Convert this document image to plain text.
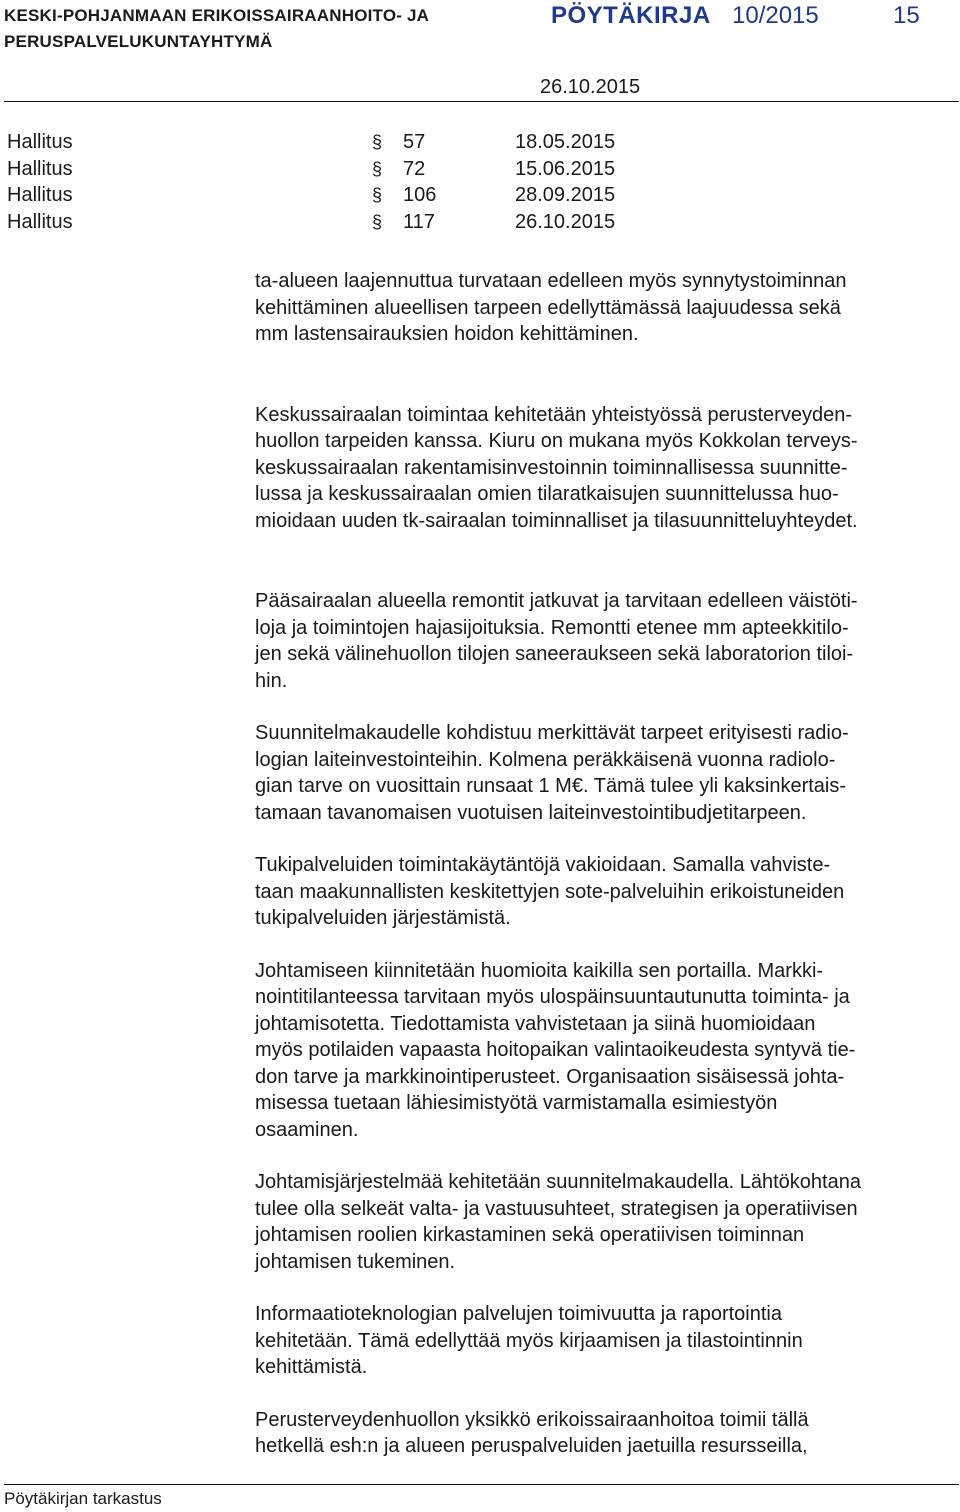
KESKI-POHJANMAAN ERIKOISSAIRAANHOITO- JA
PERUSPALVELUKUNTAYHTYMÄ
PÖYTÄKIRJA 10/2015	15
26.10.2015
Hallitus	§ 57	18.05.2015
Hallitus	§ 72	15.06.2015
Hallitus	§ 106	28.09.2015
Hallitus	§ 117	26.10.2015
ta-alueen laajennuttua turvataan edelleen myös synnytystoiminnan
kehittäminen alueellisen tarpeen edellyttämässä laajuudessa sekä
mm lastensairauksien hoidon kehittäminen.
Keskussairaalan toimintaa kehitetään yhteistyössä perusterveyden-
huollon tarpeiden kanssa. Kiuru on mukana myös Kokkolan terveys-
keskussairaalan rakentamisinvestoinnin toiminnallisessa suunnitte-
lussa ja keskussairaalan omien tilaratkaisujen suunnittelussa huo-
mioidaan uuden tk-sairaalan toiminnalliset ja tilasuunnitteluyhteydet.
Pääsairaalan alueella remontit jatkuvat ja tarvitaan edelleen väistöti-
loja ja toimintojen hajasijoituksia. Remontti etenee mm apteekkitilo-
jen sekä välinehuollon tilojen saneeraukseen sekä laboratorion tiloi-
hin.
Suunnitelmakaudelle kohdistuu merkittävät tarpeet erityisesti radio-
logian laiteinvestointeihin. Kolmena peräkkäisenä vuonna radiolo-
gian tarve on vuosittain runsaat 1 M€. Tämä tulee yli kaksinkertais-
tamaan tavanomaisen vuotuisen laiteinvestointibudjetitarpeen.
Tukipalveluiden toimintakäytäntöjä vakioidaan. Samalla vahviste-
taan maakunnallisten keskitettyjen sote-palveluihin erikoistuneiden
tukipalveluiden järjestämistä.
Johtamiseen kiinnitetään huomioita kaikilla sen portailla. Markki-
nointitilanteessa tarvitaan myös ulospäinsuuntautunutta toiminta- ja
johtamisotetta. Tiedottamista vahvistetaan ja siinä huomioidaan
myös potilaiden vapaasta hoitopaikan valintaoikeudesta syntyvä tie-
don tarve ja markkinointiperusteet. Organisaation sisäisessä johta-
misessa tuetaan lähiesimistyötä varmistamalla esimiestyön
osaaminen.
Johtamisjärjestelmää kehitetään suunnitelmakaudella. Lähtökohtana
tulee olla selkeät valta- ja vastuusuhteet, strategisen ja operatiivisen
johtamisen roolien kirkastaminen sekä operatiivisen toiminnan
johtamisen tukeminen.
Informaatioteknologian palvelujen toimivuutta ja raportointia
kehitetään. Tämä edellyttää myös kirjaamisen ja tilastointinnin
kehittämistä.
Perusterveydenhuollon yksikkö erikoissairaanhoitoa toimii tällä
hetkellä esh:n ja alueen peruspalveluiden jaetuilla resursseilla,
Pöytäkirjan tarkastus
